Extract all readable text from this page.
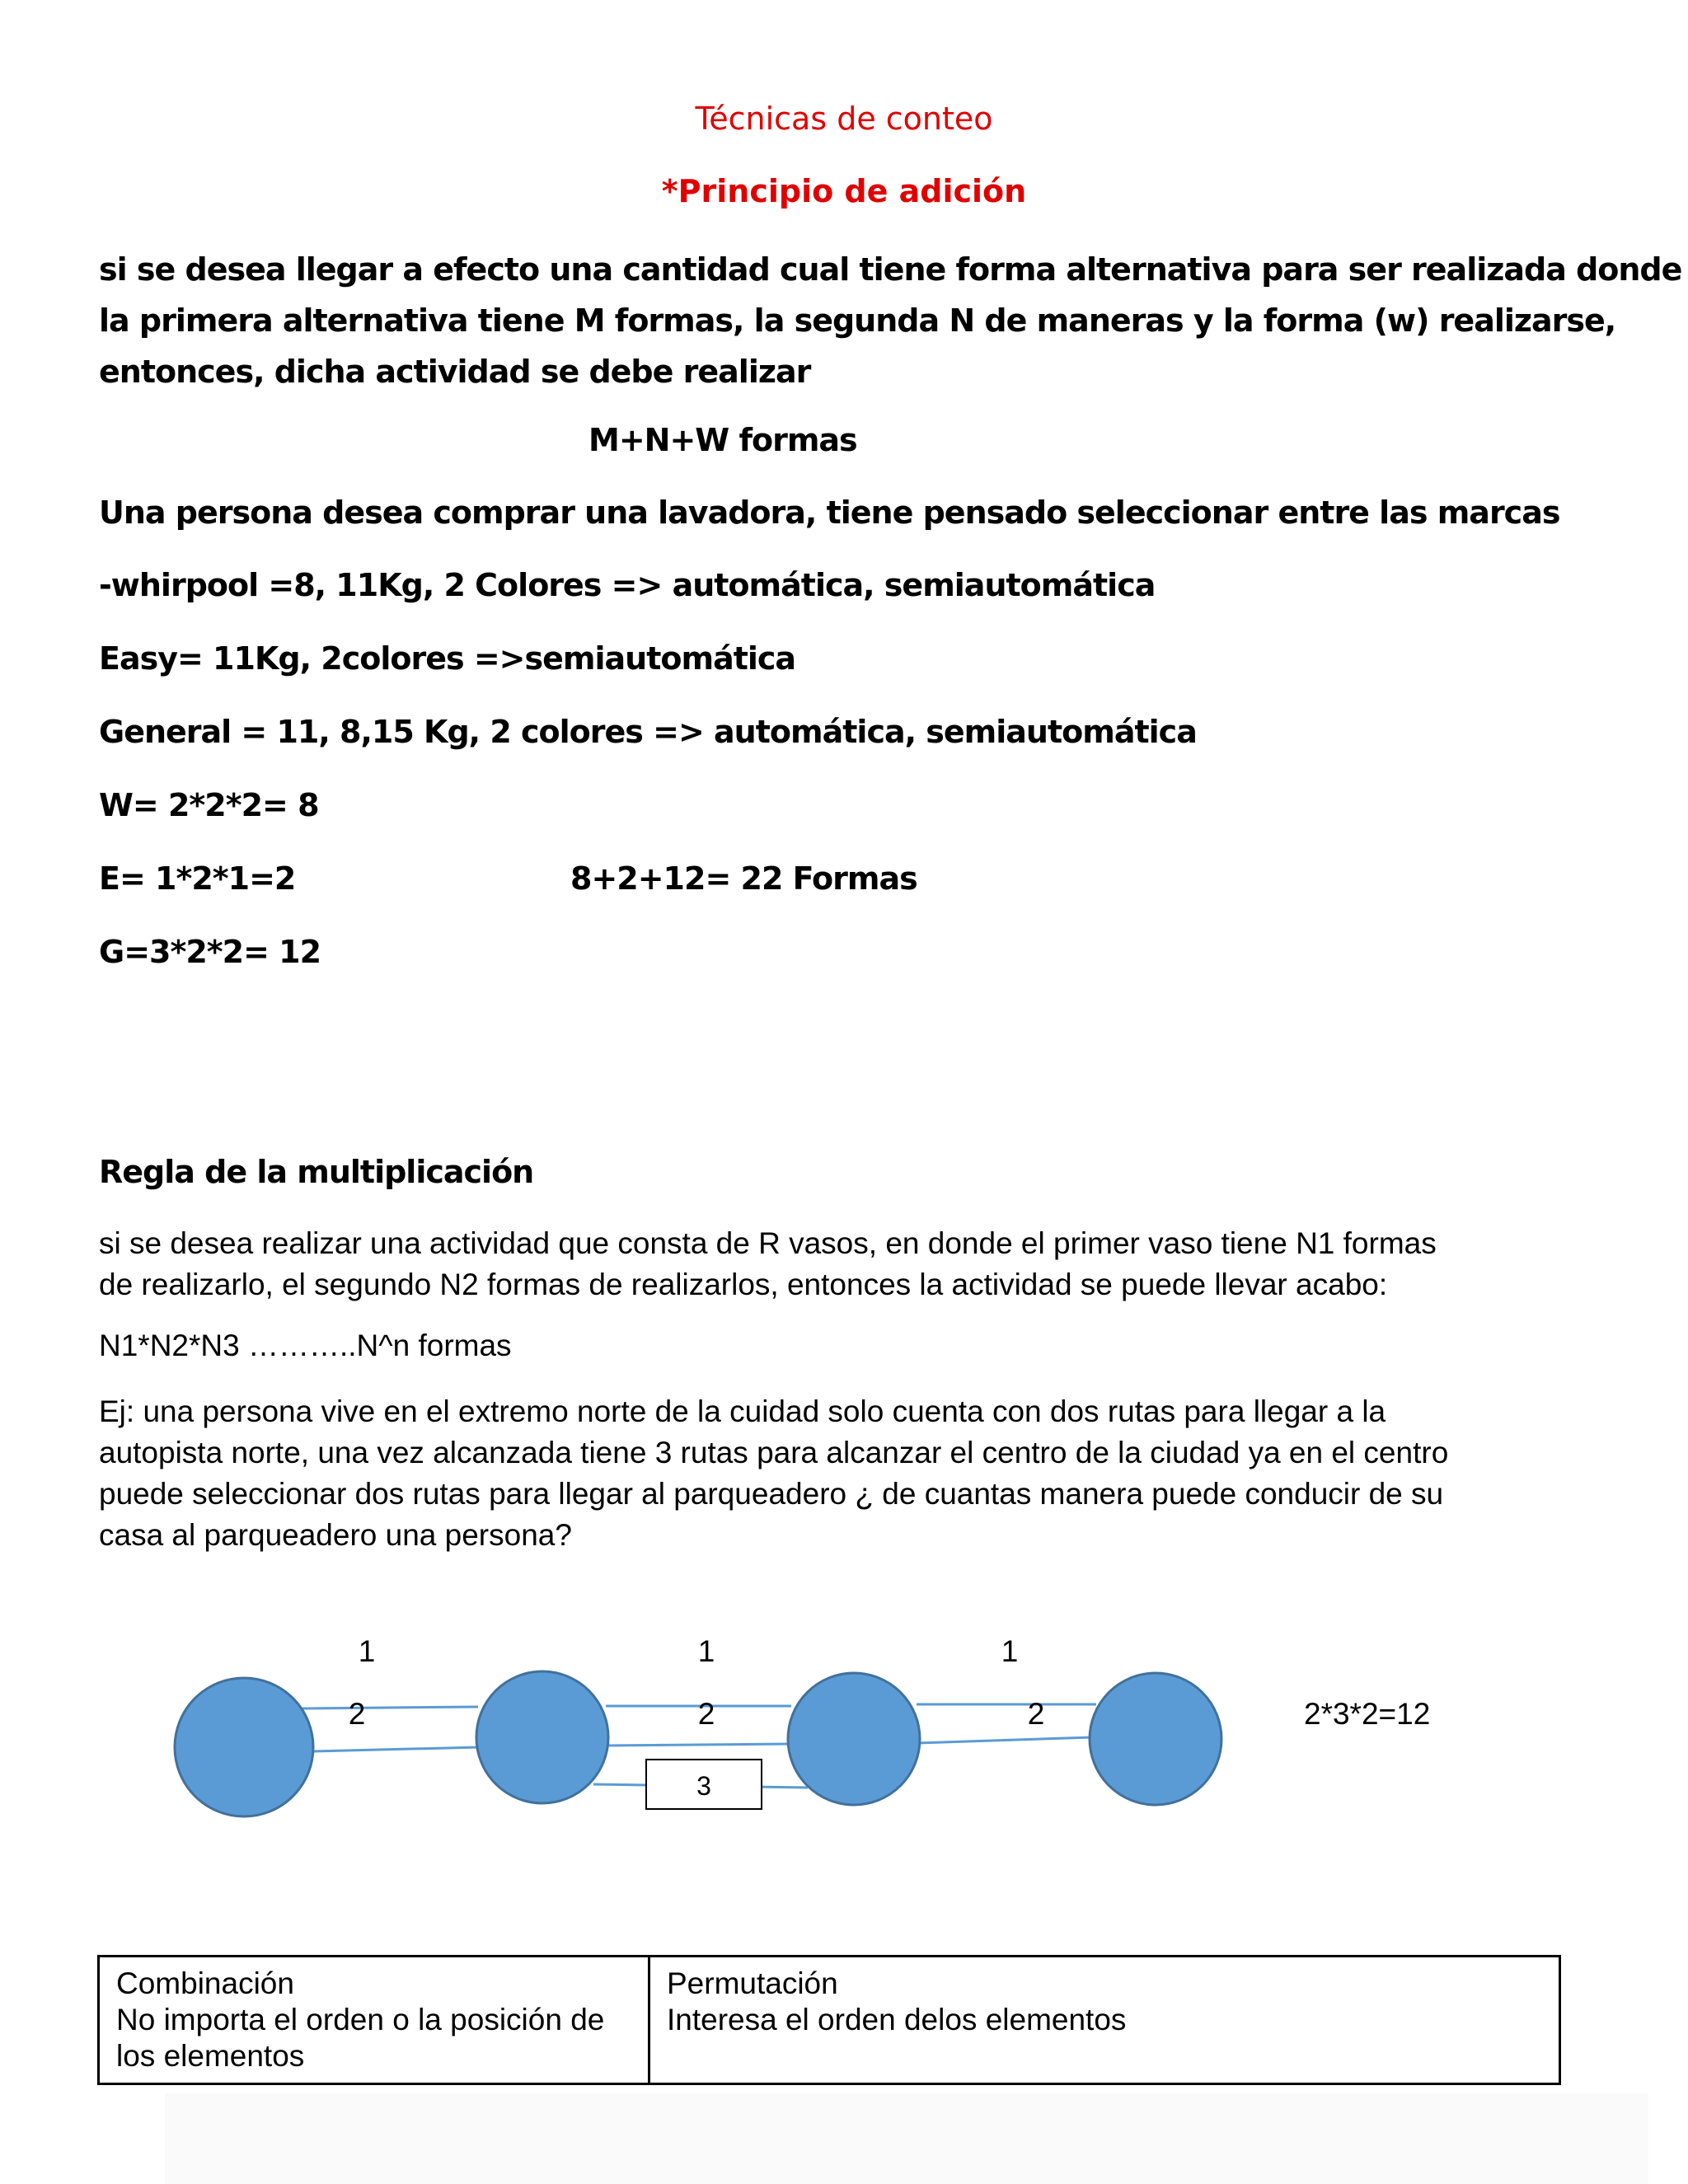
Técnicas de conteo

*Principio de adición

si se desea llegar a efecto una cantidad cual tiene forma alternativa para ser realizada donde
la primera alternativa tiene M formas, la segunda N de maneras y la forma (w) realizarse,
entonces, dicha actividad se debe realizar

M+N+W formas

Una persona desea comprar una lavadora, tiene pensado seleccionar entre las marcas

-whirpool =8, 11Kg, 2 Colores => automática, semiautomática

Easy= 11Kg, 2colores =>semiautomática

General = 11, 8,15 Kg, 2 colores => automática, semiautomática

W= 2*2*2= 8

E= 1*2*1=2	8+2+12= 22 Formas

G=3*2*2= 12

Regla de la multiplicación

si se desea realizar una actividad que consta de R vasos, en donde el primer vaso tiene N1 formas
de realizarlo, el segundo N2 formas de realizarlos, entonces la actividad se puede llevar acabo:

N1*N2*N3 ………..N^n formas

Ej: una persona vive en el extremo norte de la cuidad solo cuenta con dos rutas para llegar a la
autopista norte, una vez alcanzada tiene 3 rutas para alcanzar el centro de la ciudad ya en el centro
puede seleccionar dos rutas para llegar al parqueadero ¿ de cuantas manera puede conducir de su
casa al parqueadero una persona?
3
1
2
1
2
1
2	2*3*2=12
Combinación
No importa el orden o la posición de los elementos

Permutación
Interesa el orden delos elementos
